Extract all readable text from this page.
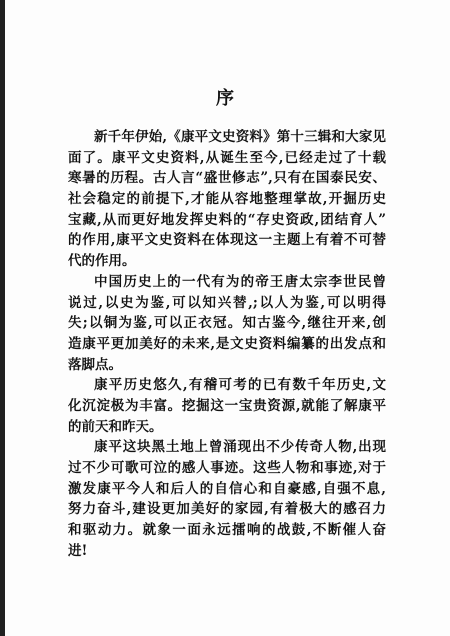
序
新千年伊始,《康平文史资料》第十三辑和大家见
面了。康平文史资料,从诞生至今,已经走过了十载
寒暑的历程。古人言“盛世修志”,只有在国泰民安、
社会稳定的前提下,才能从容地整理掌故,开掘历史
宝藏,从而更好地发挥史料的“存史资政,团结育人”
的作用,康平文史资料在体现这一主题上有着不可替
代的作用。
中国历史上的一代有为的帝王唐太宗李世民曾
说过,以史为鉴,可以知兴替,;以人为鉴,可以明得
失;以铜为鉴,可以正衣冠。知古鉴今,继往开来,创
造康平更加美好的未来,是文史资料编纂的出发点和
落脚点。
康平历史悠久,有稽可考的已有数千年历史,文
化沉淀极为丰富。挖掘这一宝贵资源,就能了解康平
的前天和昨天。
康平这块黑土地上曾涌现出不少传奇人物,出现
过不少可歌可泣的感人事迹。这些人物和事迹,对于
激发康平今人和后人的自信心和自豪感,自强不息,
努力奋斗,建设更加美好的家园,有着极大的感召力
和驱动力。就象一面永远擂响的战鼓,不断催人奋
进!
